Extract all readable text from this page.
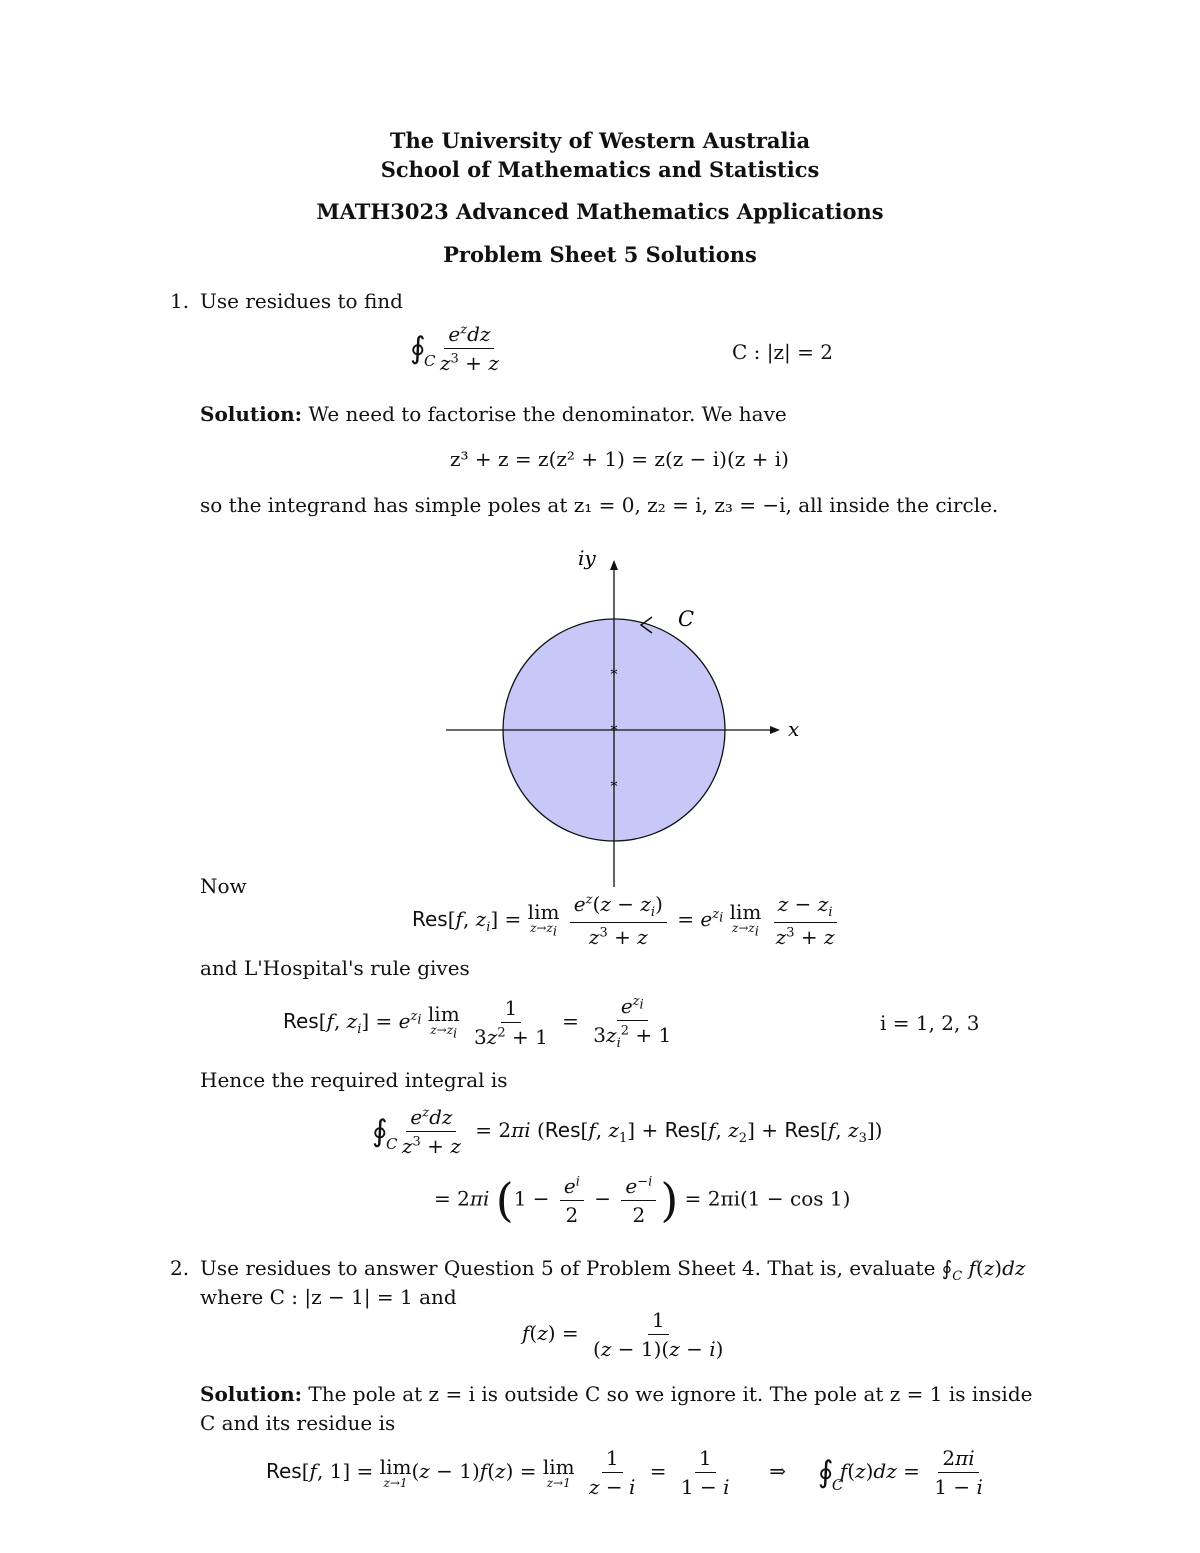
The University of Western Australia
School of Mathematics and Statistics
MATH3023 Advanced Mathematics Applications
Problem Sheet 5 Solutions
1. Use residues to find
∮
C
$\frac{e^zdz}{z^3 + z}$	C : |z| = 2
Solution: We need to factorise the denominator. We have
z³ + z = z(z² + 1) = z(z − i)(z + i)
so the integrand has simple poles at z₁ = 0, z₂ = i, z₃ = −i, all inside the circle.
*
*
*
iy
x
C
Now
Res[f, $z_i] = \lim$
$z\to z_i$
$\frac{e^z(z - z_i)}{z^3 + z} = e^{z_i}$ lim
$z\to z_i$
$\frac{z - z_i}{z^3 + z}$
and L'Hospital's rule gives
Res[f, $z_i] = e^{z_i}$ lim
$z\to z_i$
$\frac{1}{3z^2 + 1} = \frac{e^{z_i}}{3z_i^2 + 1}$	i = 1, 2, 3
Hence the required integral is
∮
C
$\frac{e^zdz}{z^3 + z} = 2\pi i$ (Res[f, $z_1] + Res[f$, $z_2] + Res[f$, $z_3$])
= 2πi ($1 - \frac{e^i}{2} - \frac{e^{-i}}{2}$ ) = 2πi(1 − cos 1)
2. Use residues to answer Question 5 of Problem Sheet 4. That is, evaluate $∮_C$ f(z)dz
where C : |z − 1| = 1 and
$f(z) = \frac{1}{(z - 1)(z - i)}$
Solution: The pole at z = i is outside C so we ignore it. The pole at z = 1 is inside
C and its residue is
Res[f, 1] = lim
z→1 (z − 1)f(z) = lim
z→1
$\frac{1}{z - i} = \frac{1}{1 - i}$ ⇒     ∮
C
$f(z)dz = \frac{2\pi i}{1 - i}$
